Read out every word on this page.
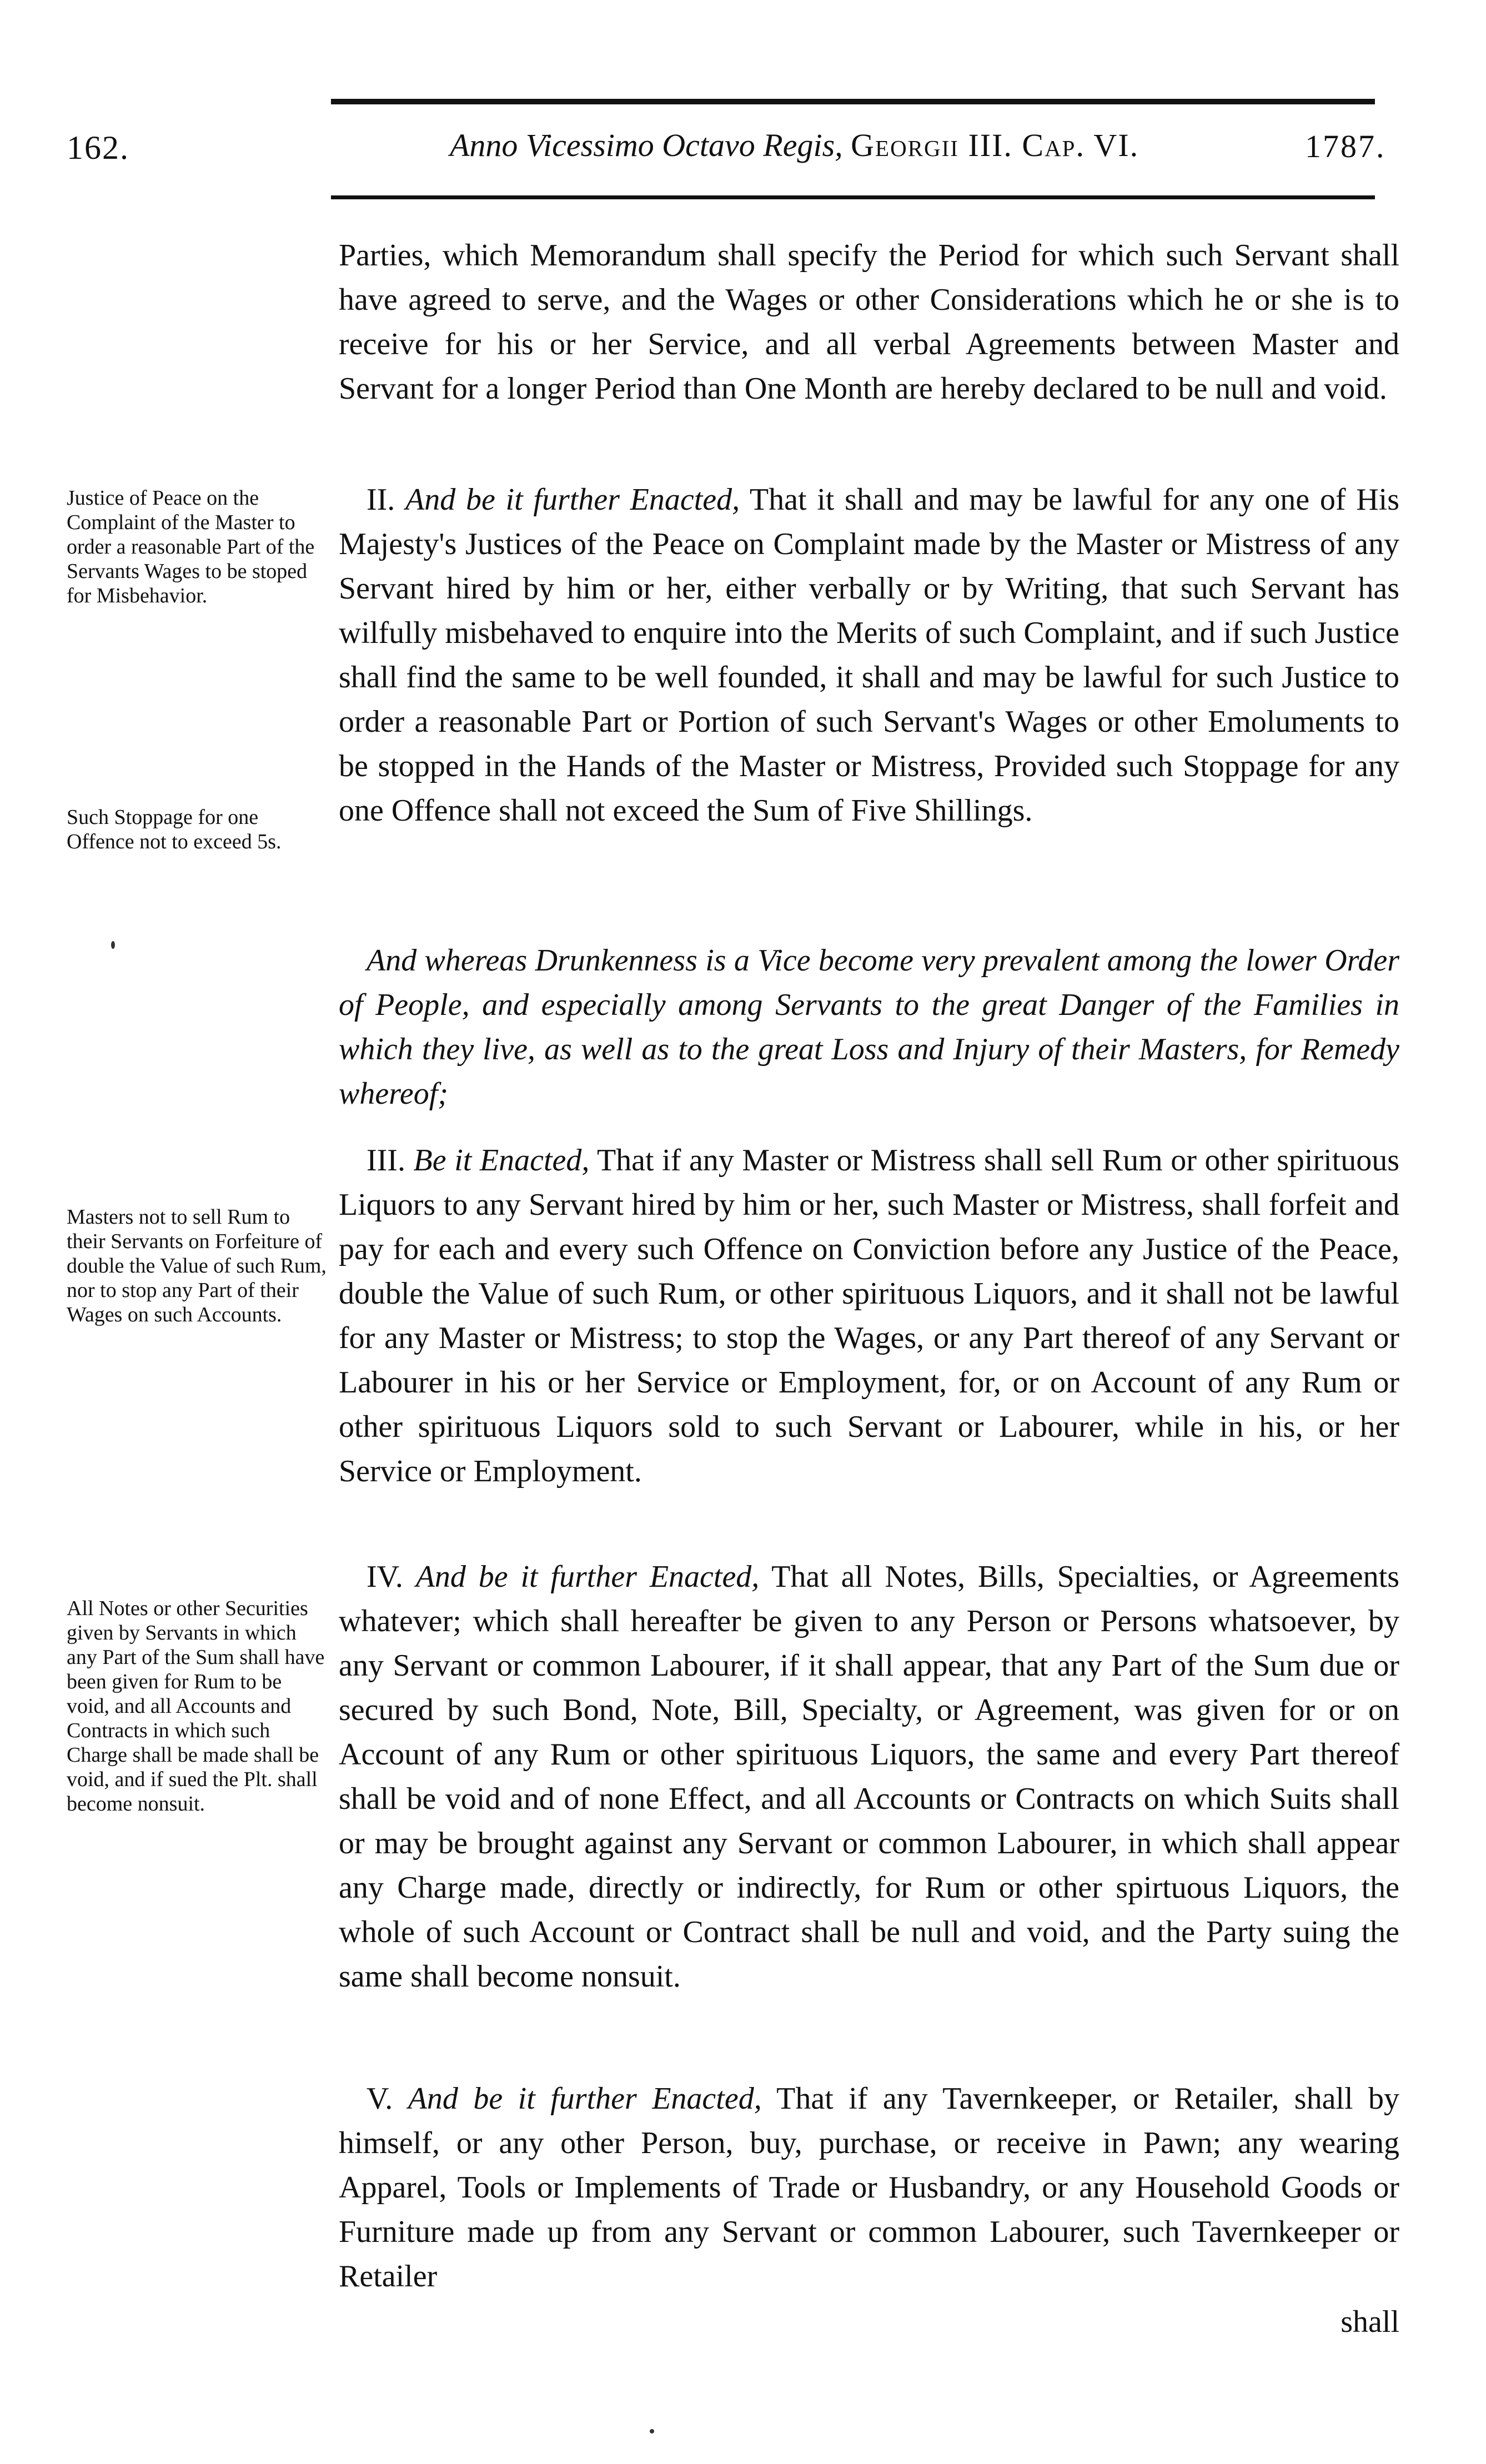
162.	Anno Vicessimo Octavo Regis, Georgii III. Cap. VI.	1787.

Parties, which Memorandum shall specify the Period for which such Servant shall have agreed to serve, and the Wages or other Considerations which he or she is to receive for his or her Service, and all verbal Agreements between Master and Servant for a longer Period than One Month are hereby declared to be null and void.

II. And be it further Enacted, That it shall and may be lawful for any one of His Majesty's Justices of the Peace on Complaint made by the Master or Mistress of any Servant hired by him or her, either verbally or by Writing, that such Servant has wilfully misbehaved to enquire into the Merits of such Complaint, and if such Justice shall find the same to be well founded, it shall and may be lawful for such Justice to order a reasonable Part or Portion of such Servant's Wages or other Emoluments to be stopped in the Hands of the Master or Mistress, Provided such Stoppage for any one Offence shall not exceed the Sum of Five Shillings.

And whereas Drunkenness is a Vice become very prevalent among the lower Order of People, and especially among Servants to the great Danger of the Families in which they live, as well as to the great Loss and Injury of their Masters, for Remedy whereof;

III. Be it Enacted, That if any Master or Mistress shall sell Rum or other spirituous Liquors to any Servant hired by him or her, such Master or Mistress, shall forfeit and pay for each and every such Offence on Conviction before any Justice of the Peace, double the Value of such Rum, or other spirituous Liquors, and it shall not be lawful for any Master or Mistress; to stop the Wages, or any Part thereof of any Servant or Labourer in his or her Service or Employment, for, or on Account of any Rum or other spirituous Liquors sold to such Servant or Labourer, while in his, or her Service or Employment.

IV. And be it further Enacted, That all Notes, Bills, Specialties, or Agreements whatever; which shall hereafter be given to any Person or Persons whatsoever, by any Servant or common Labourer, if it shall appear, that any Part of the Sum due or secured by such Bond, Note, Bill, Specialty, or Agreement, was given for or on Account of any Rum or other spirituous Liquors, the same and every Part thereof shall be void and of none Effect, and all Accounts or Contracts on which Suits shall or may be brought against any Servant or common Labourer, in which shall appear any Charge made, directly or indirectly, for Rum or other spirtuous Liquors, the whole of such Account or Contract shall be null and void, and the Party suing the same shall become nonsuit.

V. And be it further Enacted, That if any Tavernkeeper, or Retailer, shall by himself, or any other Person, buy, purchase, or receive in Pawn; any wearing Apparel, Tools or Implements of Trade or Husbandry, or any Household Goods or Furniture made up from any Servant or common Labourer, such Tavernkeeper or Retailer

shall

Justice of Peace on the Complaint of the Master to order a reasonable Part of the Servants Wages to be stoped for Misbehavior.

Such Stoppage for one Offence not to exceed 5s.

Masters not to sell Rum to their Servants on Forfeiture of double the Value of such Rum, nor to stop any Part of their Wages on such Accounts.

All Notes or other Securities given by Servants in which any Part of the Sum shall have been given for Rum to be void, and all Accounts and Contracts in which such Charge shall be made shall be void, and if sued the Plt. shall become nonsuit.
